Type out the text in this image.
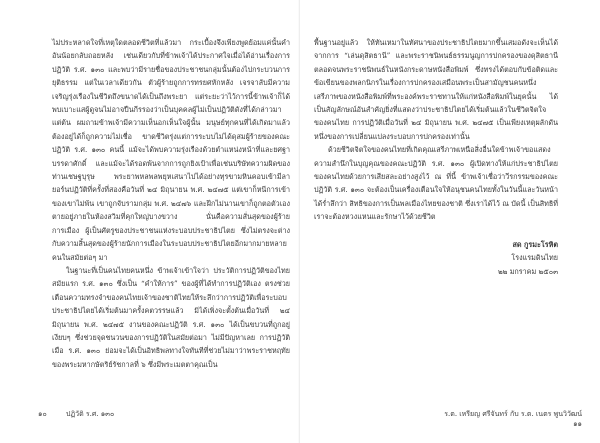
ไม่ประหลาดใจที่เหตุใดตลอดชีวิตที่แล้วมา กระเบื้องจึงเพียงพูดย้อมแค่นั้นคำอันน้อยกลับถอยหลัง เช่นเดียวกับที่ข้าพเจ้าได้ประกาศใจเมื่อได้อ่านเรื่องการปฏิวัติ ร.ศ. ๑๓๐ และพบว่ามีรายชื่อของประชาชนกลุ่มนั้นต้องไปกระบวนการยุติธรรม แต่ในเวลาเดียวกัน ตัวผู้ร้ายถูกการทรยศหักหลัง เจรจาลับมีความเจริญรุ่งเรืองในชีวิตถึงขนาดได้เป็นถึงพระยา แต่ระยะว่าไว้การนี้ข้าพเจ้าก็ได้พบเบาะแสผู้ดูจนไม่อาจปืนกีรรองว่าเป็นบุคคลผู้ไม่เป็นปฏิวัติดังที่ได้กล่าวมาแต่ต้น ผมถามข้าพเจ้ามีความเห็นอกเห็นใจผู้นั้น มนุษย์ทุกคนที่ได้เกิดมาแล้วต้องอยู่ได้ก็ถูกความไม่เชื่อ ขาดชีวิตรุ่งแต่การระบบไม่ได้ดุสมผู้ร้ายของคณะปฏิวัติ ร.ศ. ๑๓๐ คนนี้ แม้จะได้พบความรุ่งเรืองด้วยตำแหน่งหน้าที่และยศฐาบรรดาศักดิ์ และแม้จะได้รอดพ้นจากการถูกยิงเป้าเพื่อเช่นบริษัทความผิดของท่านเชษฐบุรุษ พระยาพหลพลพยุหเสนาไปได้อย่างทุรขามหินคอบเข้ามีลายอร์นปฏิวัติที่ครั้งที่สองคือวันที่ ๒๔ มิถุนายน พ.ศ. ๒๔๗๕ แต่เขาก็หนีการเข้าของเขาไม่พ้น เขาถูกจับรามกลุ่ม พ.ศ. ๒๔๗๖ และฝีกไม่นานเขาก็ถูกตอตัวเองตายอยู่ภายในห้องสวิมที่คุกใหญ่บางขวาง นั่นคือความสั่นสุดของผู้ร้ายการเมือง ผู้เป็นศัตรูของประชาชนแห่งระบอบประชาธิปไตย ซึ่งไม่ตรงจะต่างกับความสิ้นสุดของผู้ร้ายนักการเมืองในระบอบประชาธิปไตยอีกมากมายหลายคนในสมัยต่อๆ มา

ในฐานะที่เป็นคนไทยคนหนึ่ง ข้าพเจ้าเข้าใจว่า ประวัติการปฏิวัติของไทยสมัยแรก ร.ศ. ๑๓๐ ซึ่งเป็น “คำให้การ” ของผู้ที่ได้ทำการปฏิวัติเอง ตรงช่วยเตือนความทรงจำของคนไทยเจ้าของชาติไทยให้ระลึกว่าการปฏิวัติเพื่อระบอบประชาธิปไตยได้เริ่มต้นมาครั้งคตวรรษแล้ว มิได้เพิ่งจะตั้งต้นเมื่อวันที่ ๒๔ มิถุนายน พ.ศ. ๒๔๗๕ งานของคณะปฏิวัติ ร.ศ. ๑๓๐ ได้เป็นขบวนที่ถูกอยู่เงียบๆ ซึ่งช่วยจุดชนวนของการปฏิวัติในสมัยต่อมา ไม่มีปัญหาเลย การปฏิวัติเมือ ร.ศ. ๑๓๐ ย่อมจะได้เป็นอิทธิพลทางใจทันทีที่ช่วยไม่มาว่าพระราชหฤทัยของพระมหากษัตริย์รัชกาลที่ ๖ ซึ่งมีพระเมตตาคุณเป็น

๑๐	ปฏิวัติ ร.ศ. ๑๓๐

พื้นฐานอยู่แล้ว ให้ทันเหมาในทัศนาของประชาธิปไตยมากขึ้นเสมอดังจะเห็นได้จากการ “เล่นดุสิตธานี” และพระราชนิพนธ์ธรรมนูญการปกครองของดุสิตธานี ตลอดจนพระราชนิพนธ์ในหนังกระดาษหนังสือพิมพ์ ซึ่งทรงได้ตอบกับข้อติดและข้อเขียนของพลกนิกรในเรื่องการปกครองเสมือนพระเป็นสามัญชนคนหนึ่ง เสรีภาพของหนังสือพิมพ์ที่พระองค์พระราชทานให้แก่หนังสือพิมพ์ในยุคนั้น ได้เป็นสัญลักษณ์อันสำคัญยิ่งที่แสดงว่าประชาธิปไตยได้เริ่มต้นแล้วในชีวิตจิตใจของคนไทย การปฏิวัติเมื่อวันที่ ๒๔ มิถุนายน พ.ศ. ๒๔๗๕ เป็นเพียงเหตุผลักดันหนึ่งของการเปลี่ยนแปลงระบอบการปกครองเท่านั้น

ด้วยชีวิตจิตใจของคนไทยที่เกิดคุณเสรีภาพเหนือสิ่งอื่นใดข้าพเจ้าขอแสดงความสำนึกในบุญคุณของคณะปฏิวัติ ร.ศ. ๑๓๐ ผู้เปิดทางให้แก่ประชาธิปไตยของคนไทยด้วยการเสียสละอย่างสูงไว้ ณ ที่นี้ ข้าพเจ้าเชื่อว่าวีรกรรมของคณะปฏิวัติ ร.ศ. ๑๓๐ จะต้องเป็นเครื่องเตือนใจให้อนุชนคนไทยทั้งในวันนี้และวันหน้าได้ร่ำลึกว่า สิทธิของการเป็นพลเมืองไทยของชาติ ซึ่งเราได้ไว้ ณ บัดนี้ เป็นสิทธิที่เราจะต้องหวงแหนและรักษาไว้ด้วยชีวิต

สด กูรมะโรหิต
โรงแรมดินไทย
๒๒ มกราคม ๒๕๐๓
ร.ต. เหรียญ ศรีจันทร์ กับ ร.ต. เนตร พูนวิวัฒน์๑๑
